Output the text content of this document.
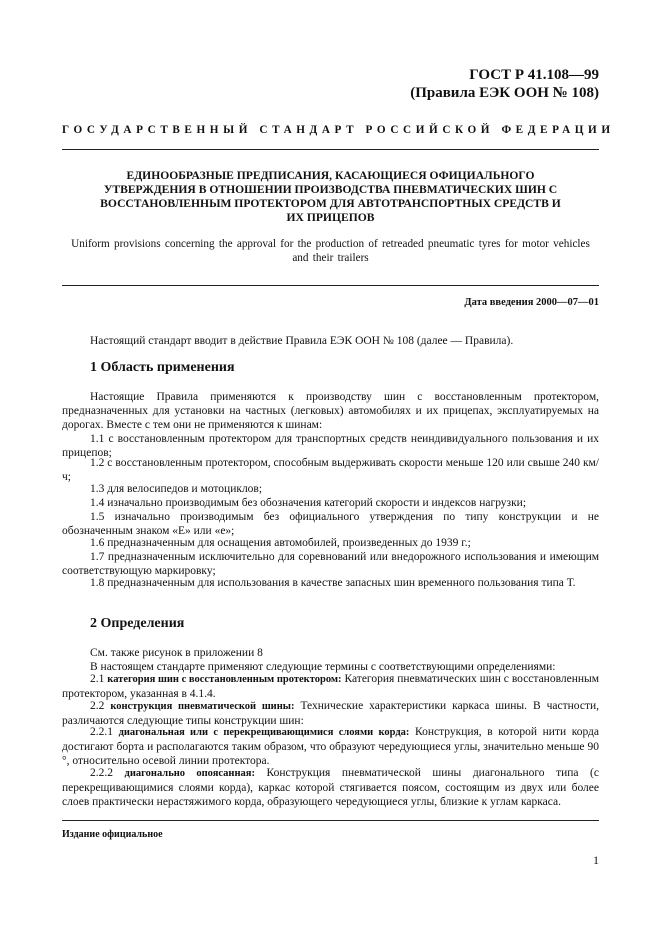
ГОСТ Р 41.108—99
(Правила ЕЭК ООН № 108)
ГОСУДАРСТВЕННЫЙ СТАНДАРТ РОССИЙСКОЙ ФЕДЕРАЦИИ
ЕДИНООБРАЗНЫЕ ПРЕДПИСАНИЯ, КАСАЮЩИЕСЯ ОФИЦИАЛЬНОГО
УТВЕРЖДЕНИЯ В ОТНОШЕНИИ ПРОИЗВОДСТВА ПНЕВМАТИЧЕСКИХ ШИН С
ВОССТАНОВЛЕННЫМ ПРОТЕКТОРОМ ДЛЯ АВТОТРАНСПОРТНЫХ СРЕДСТВ И
ИХ ПРИЦЕПОВ
Uniform provisions concerning the approval for the production of retreaded pneumatic tyres for motor vehicles and their trailers
Дата введения 2000—07—01
Настоящий стандарт вводит в действие Правила ЕЭК ООН № 108 (далее — Правила).
1 Область применения
Настоящие Правила применяются к производству шин с восстановленным протектором, предназначенных для установки на частных (легковых) автомобилях и их прицепах, эксплуатируемых на дорогах. Вместе с тем они не применяются к шинам:
1.1 с восстановленным протектором для транспортных средств неиндивидуального пользования и их прицепов;
1.2 с восстановленным протектором, способным выдерживать скорости меньше 120 или свыше 240 км/ч;
1.3 для велосипедов и мотоциклов;
1.4 изначально производимым без обозначения категорий скорости и индексов нагрузки;
1.5 изначально производимым без официального утверждения по типу конструкции и не обозначенным знаком «Е» или «е»;
1.6 предназначенным для оснащения автомобилей, произведенных до 1939 г.;
1.7 предназначенным исключительно для соревнований или внедорожного использования и имеющим соответствующую маркировку;
1.8 предназначенным для использования в качестве запасных шин временного пользования типа Т.
2 Определения
См. также рисунок в приложении 8
В настоящем стандарте применяют следующие термины с соответствующими определениями:
2.1 категория шин с восстановленным протектором: Категория пневматических шин с восстановленным протектором, указанная в 4.1.4.
2.2 конструкция пневматической шины: Технические характеристики каркаса шины. В частности, различаются следующие типы конструкции шин:
2.2.1 диагональная или с перекрещивающимися слоями корда: Конструкция, в которой нити корда достигают борта и располагаются таким образом, что образуют чередующиеся углы, значительно меньше 90 °, относительно осевой линии протектора.
2.2.2 диагонально опоясанная: Конструкция пневматической шины диагонального типа (с перекрещивающимися слоями корда), каркас которой стягивается поясом, состоящим из двух или более слоев практически нерастяжимого корда, образующего чередующиеся углы, близкие к углам каркаса.
Издание официальное
1
